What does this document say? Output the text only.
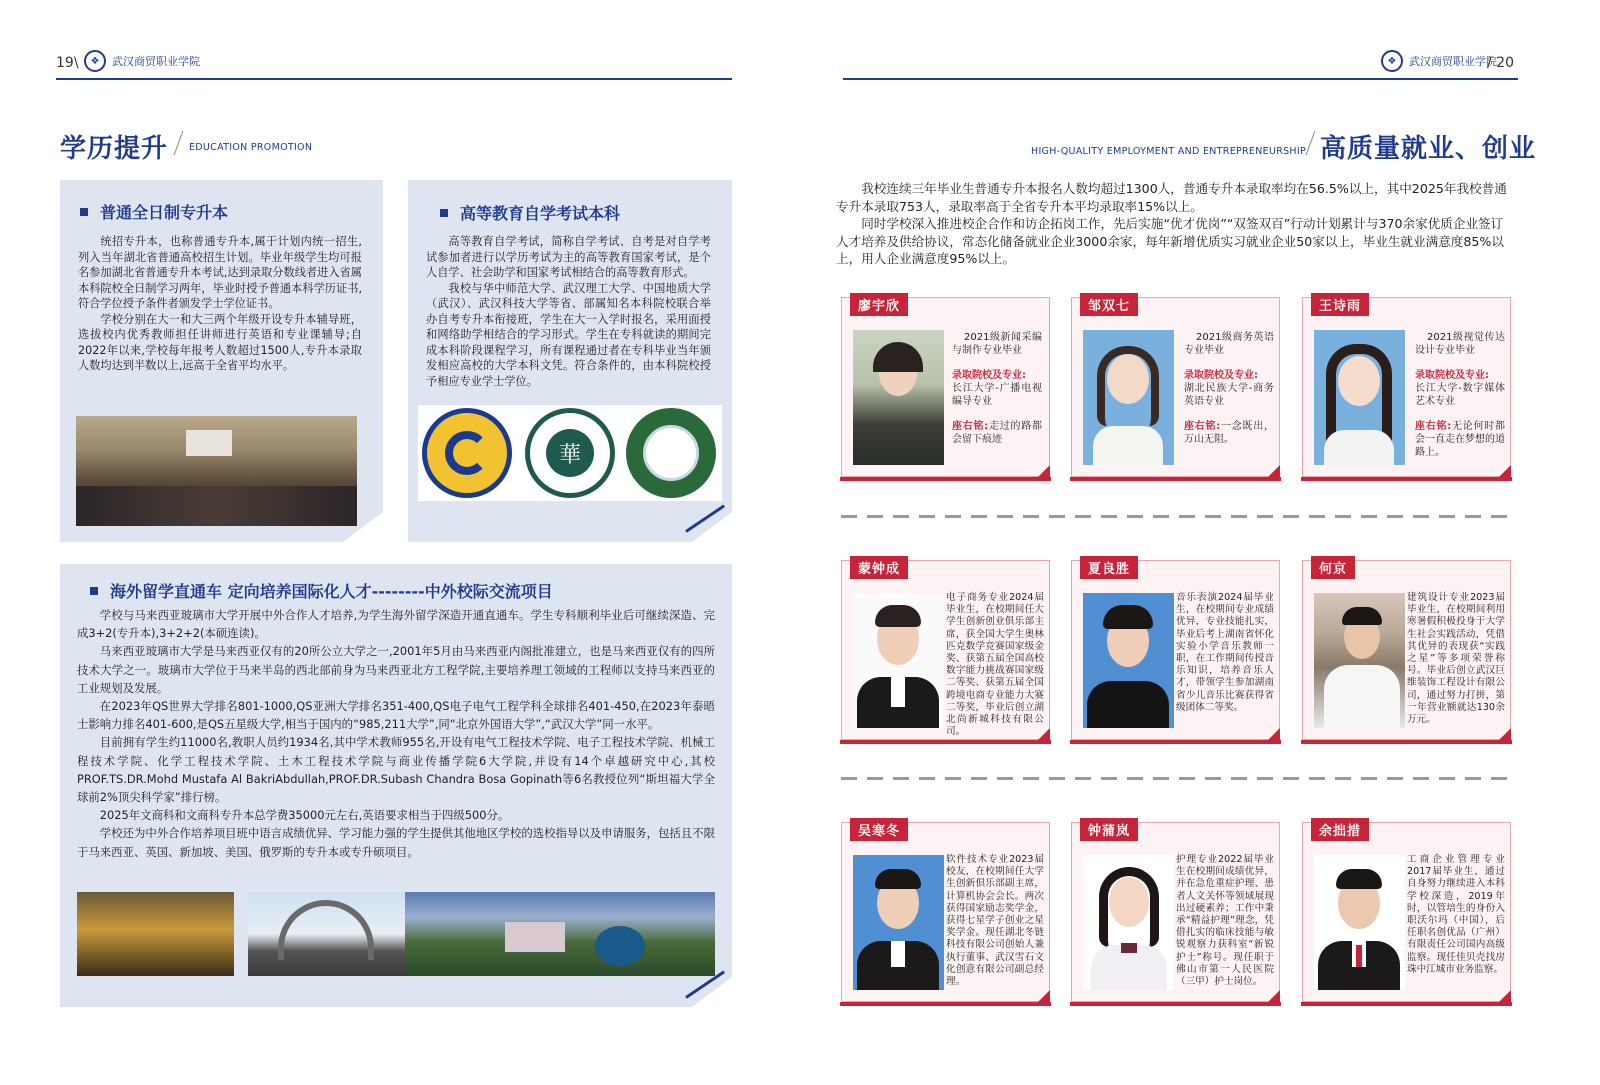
19\	❖	武汉商贸职业学院
学历提升 EDUCATION PROMOTION
普通全日制专升本

统招专升本，也称普通专升本,属于计划内统一招生,列入当年湖北省普通高校招生计划。毕业年级学生均可报名参加湖北省普通专升本考试,达到录取分数线者进入省属本科院校全日制学习两年，毕业时授予普通本科学历证书,符合学位授予条件者颁发学士学位证书。

学校分别在大一和大三两个年级开设专升本辅导班，选拔校内优秀教师担任讲师进行英语和专业课辅导;自2022年以来,学校每年报考人数超过1500人,专升本录取人数均达到半数以上,远高于全省平均水平。

高等教育自学考试本科

高等教育自学考试，简称自学考试、自考是对自学考试参加者进行以学历考试为主的高等教育国家考试，是个人自学、社会助学和国家考试相结合的高等教育形式。

我校与华中师范大学、武汉理工大学、中国地质大学（武汉）、武汉科技大学等省、部属知名本科院校联合举办自考专升本衔接班，学生在大一入学时报名，采用面授和网络助学相结合的学习形式。学生在专科就读的期间完成本科阶段课程学习，所有课程通过者在专科毕业当年颁发相应高校的大学本科文凭。符合条件的，由本科院校授予相应专业学士学位。

華
海外留学直通车 定向培养国际化人才--------中外校际交流项目

学校与马来西亚玻璃市大学开展中外合作人才培养,为学生海外留学深造开通直通车。学生专科顺利毕业后可继续深造、完成3+2(专升本),3+2+2(本硕连读)。

马来西亚玻璃市大学是马来西亚仅有的20所公立大学之一,2001年5月由马来西亚内阁批准建立，也是马来西亚仅有的四所技术大学之一。玻璃市大学位于马来半岛的西北部前身为马来西亚北方工程学院,主要培养理工领域的工程师以支持马来西亚的工业规划及发展。

在2023年QS世界大学排名801-1000,QS亚洲大学排名351-400,QS电子电气工程学科全球排名401-450,在2023年泰晤士影响力排名401-600,是QS五星级大学,相当于国内的“985,211大学”,同“北京外国语大学”,“武汉大学”同一水平。

目前拥有学生约11000名,教职人员约1934名,其中学术教师955名,开设有电气工程技术学院、电子工程技术学院、机械工程技术学院、化学工程技术学院、土木工程技术学院与商业传播学院6大学院,并设有14个卓越研究中心,其校PROF.TS.DR.Mohd Mustafa Al BakriAbdullah,PROF.DR.Subash Chandra Bosa Gopinath等6名教授位列“斯坦福大学全球前2%顶尖科学家”排行榜。

2025年文商科和文商科专升本总学费35000元左右,英语要求相当于四级500分。

学校还为中外合作培养项目班中语言成绩优异、学习能力强的学生提供其他地区学校的选校指导以及申请服务，包括且不限于马来西亚、英国、新加坡、美国、俄罗斯的专升本或专升硕项目。

❖	武汉商贸职业学院
/ 20
HIGH-QUALITY EMPLOYMENT AND ENTREPRENEURSHIP 高质量就业、创业

我校连续三年毕业生普通专升本报名人数均超过1300人，普通专升本录取率均在56.5%以上，其中2025年我校普通专升本录取753人，录取率高于全省专升本平均录取率15%以上。

同时学校深入推进校企合作和访企拓岗工作，先后实施“优才优岗”“双签双百”行动计划累计与370余家优质企业签订人才培养及供给协议，常态化储备就业企业3000余家，每年新增优质实习就业企业50家以上，毕业生就业满意度85%以上，用人企业满意度95%以上。

廖宇欣
2021级新闻采编与制作专业毕业
录取院校及专业:
长江大学-广播电视编导专业
座右铭:走过的路都会留下痕迹
邹双七
2021级商务英语专业毕业
录取院校及专业:
湖北民族大学-商务英语专业
座右铭:一念既出，万山无阻。
王诗雨
2021级视觉传达设计专业毕业
录取院校及专业:
长江大学-数字媒体艺术专业
座右铭:无论何时都会一直走在梦想的道路上。
蒙钟成
电子商务专业2024届毕业生，在校期间任大学生创新创业俱乐部主席，获全国大学生奥林匹克数学竞赛国家级金奖、获第五届全国高校数字能力挑战赛国家级二等奖、获第五届全国跨境电商专业能力大赛二等奖，毕业后创立湖北尚新城科技有限公司。
夏良胜
音乐表演2024届毕业生，在校期间专业成绩优异，专业技能扎实，毕业后考上湖南省怀化实验小学音乐教师一职，在工作期间传授音乐知识，培养音乐人才，带领学生参加湖南省少儿音乐比赛获得省级团体二等奖。
何京
建筑设计专业2023届毕业生，在校期间利用寒暑假积极投身于大学生社会实践活动，凭借其优异的表现获“实践之星”等多项荣誉称号。毕业后创立武汉巨维装饰工程设计有限公司，通过努力打拼，第一年营业额就达130余万元。
吴寒冬
软件技术专业2023届校友，在校期间任大学生创新俱乐部副主席，计算机协会会长。两次获得国家励志奖学金，获得七星学子创业之星奖学金。现任湖北冬链科技有限公司创始人兼执行董事、武汉雪石文化创意有限公司副总经理。
钟蒲岚
护理专业2022届毕业生在校期间成绩优异，并在急危重症护理、患者人文关怀等领域展现出过硬素养；工作中秉承“精益护理”理念，凭借扎实的临床技能与敏锐观察力获科室“新锐护士”称号。现任职于佛山市第一人民医院（三甲）护士岗位。
余拙措
工商企业管理专业2017届毕业生，通过自身努力继续进入本科学校深造，2019年时，以管培生的身份入职沃尔玛（中国），后任职名创优品（广州）有限责任公司国内高级监察。现任佳贝壳找房珠中江城市业务监察。
